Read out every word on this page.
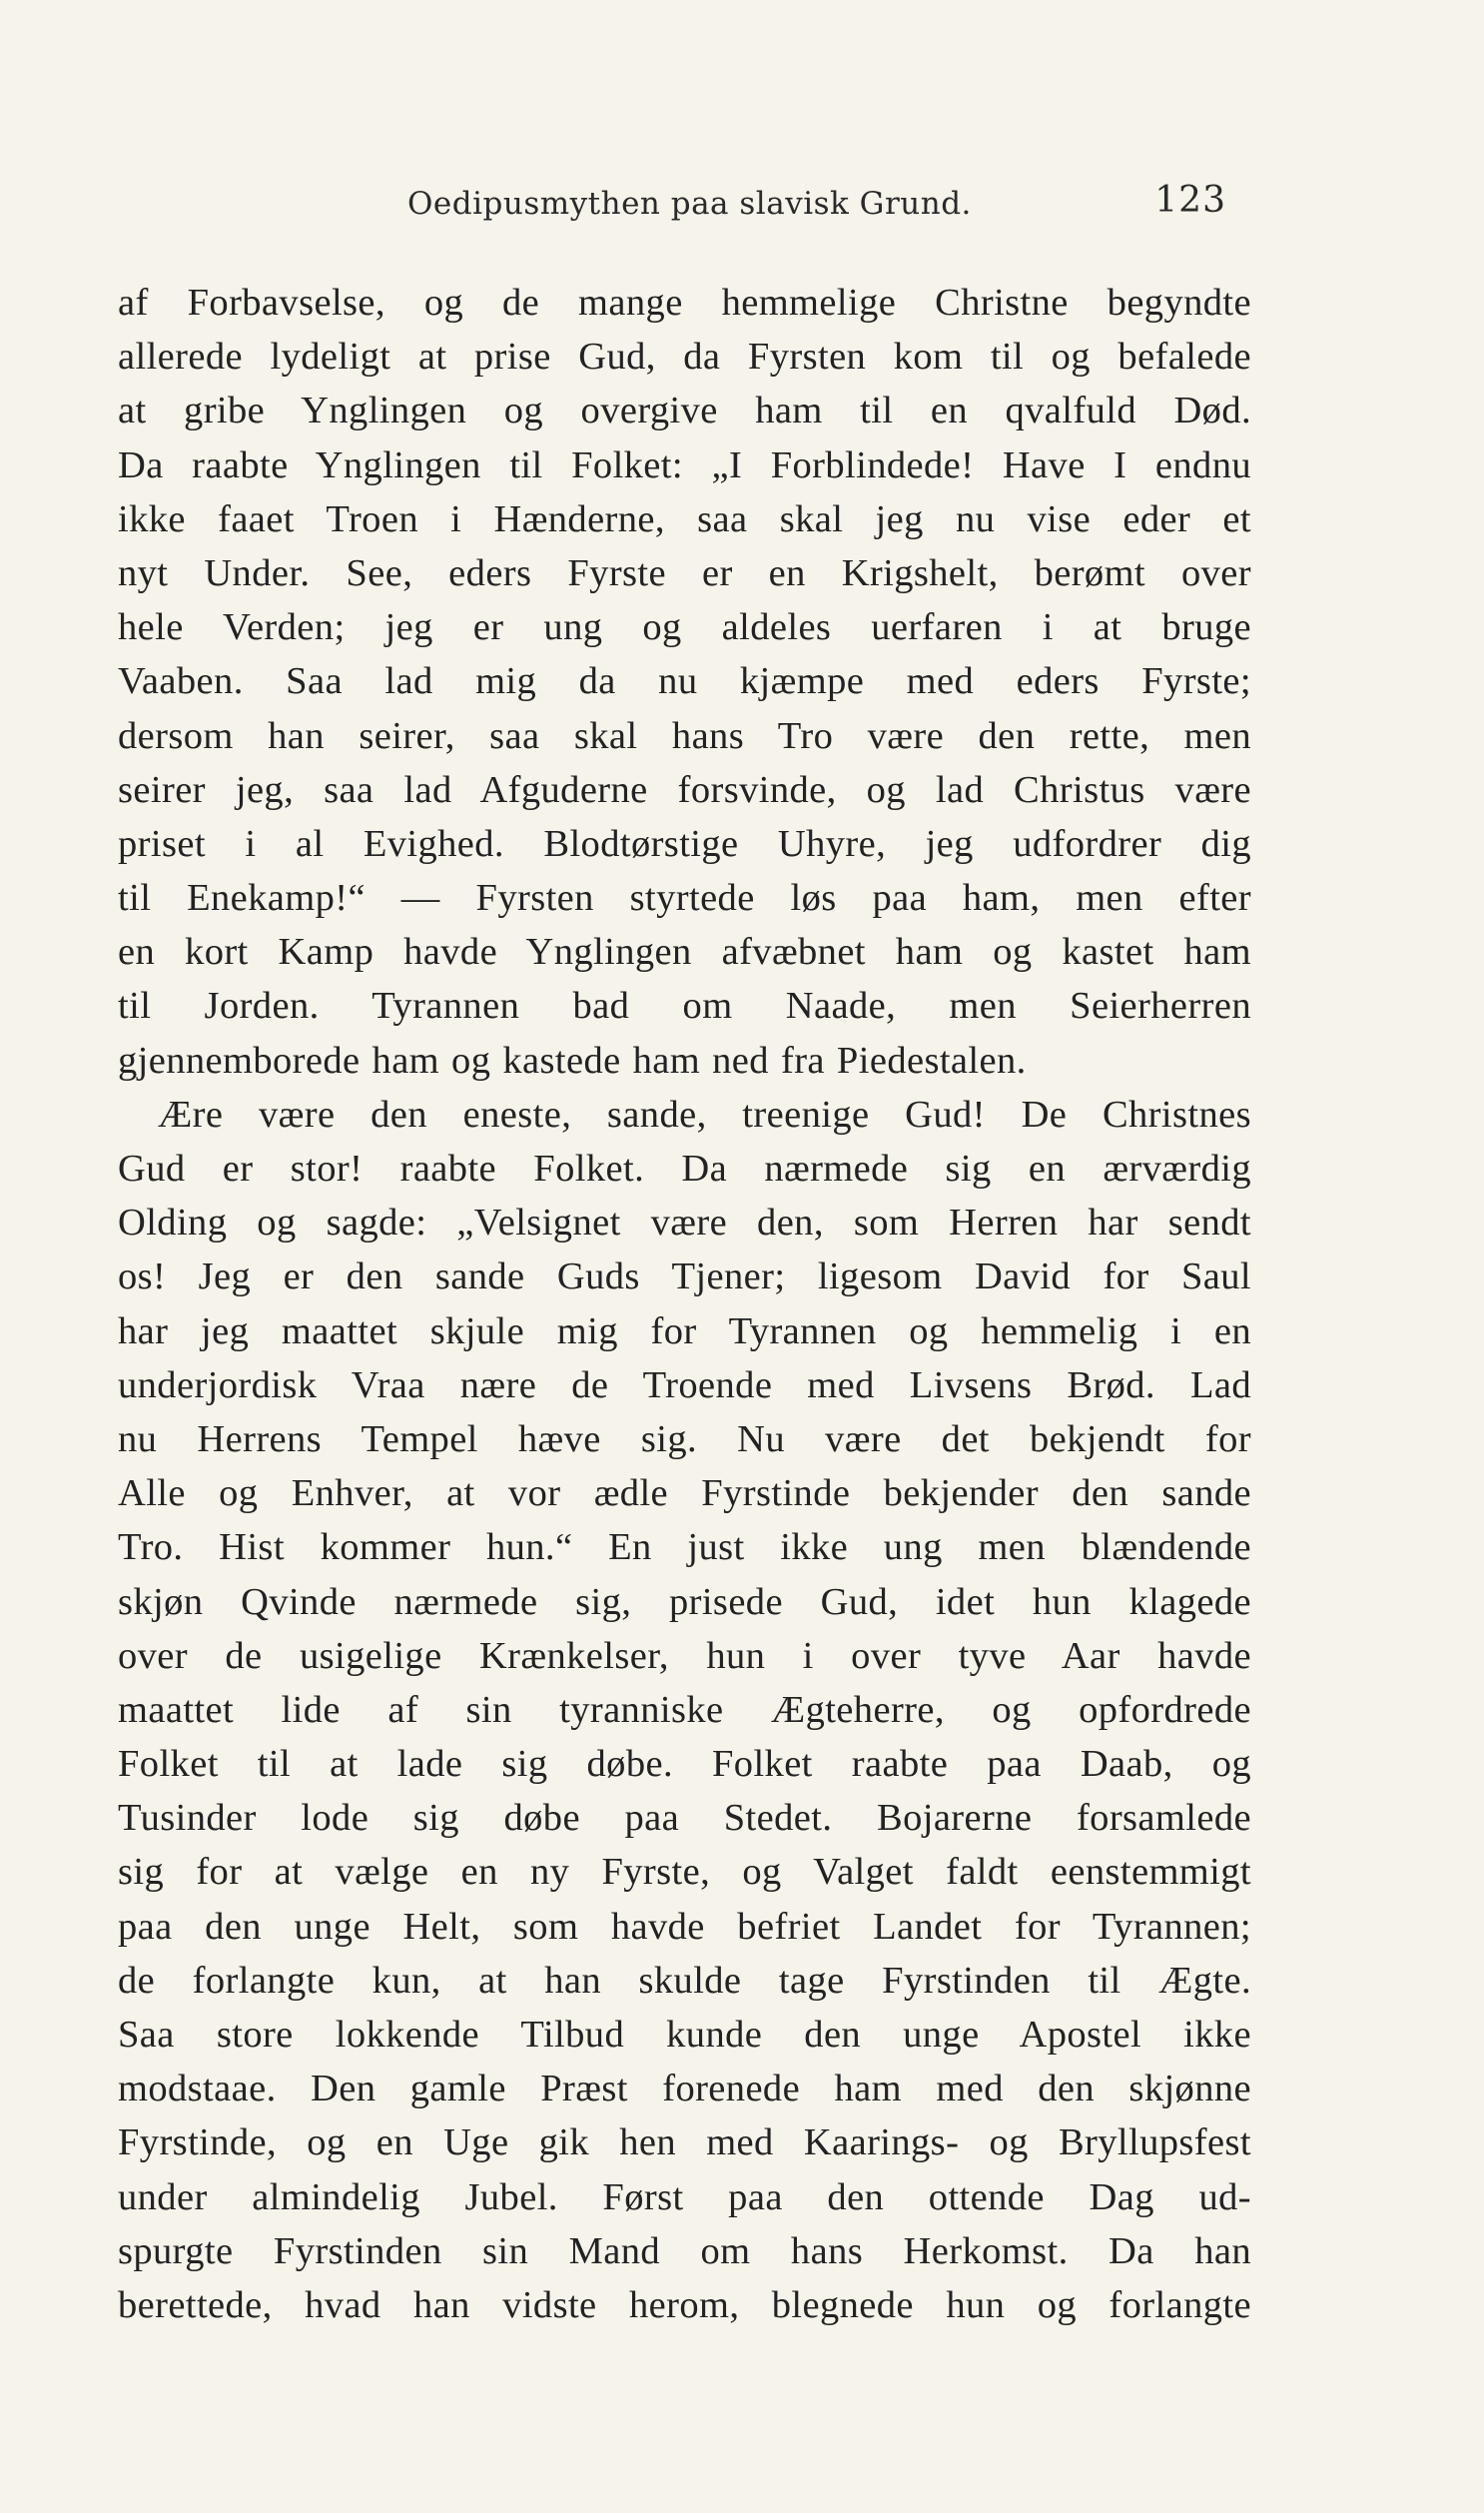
Oedipusmythen paa slavisk Grund.	123
af Forbavselse, og de mange hemmelige Christne begyndte
allerede lydeligt at prise Gud, da Fyrsten kom til og befalede
at gribe Ynglingen og overgive ham til en qvalfuld Død.
Da raabte Ynglingen til Folket: „I Forblindede! Have I endnu
ikke faaet Troen i Hænderne, saa skal jeg nu vise eder et
nyt Under. See, eders Fyrste er en Krigshelt, berømt over
hele Verden; jeg er ung og aldeles uerfaren i at bruge
Vaaben. Saa lad mig da nu kjæmpe med eders Fyrste;
dersom han seirer, saa skal hans Tro være den rette, men
seirer jeg, saa lad Afguderne forsvinde, og lad Christus være
priset i al Evighed. Blodtørstige Uhyre, jeg udfordrer dig
til Enekamp!“ — Fyrsten styrtede løs paa ham, men efter
en kort Kamp havde Ynglingen afvæbnet ham og kastet ham
til Jorden. Tyrannen bad om Naade, men Seierherren
gjennemborede ham og kastede ham ned fra Piedestalen.
Ære være den eneste, sande, treenige Gud! De Christnes
Gud er stor! raabte Folket. Da nærmede sig en ærværdig
Olding og sagde: „Velsignet være den, som Herren har sendt
os! Jeg er den sande Guds Tjener; ligesom David for Saul
har jeg maattet skjule mig for Tyrannen og hemmelig i en
underjordisk Vraa nære de Troende med Livsens Brød. Lad
nu Herrens Tempel hæve sig. Nu være det bekjendt for
Alle og Enhver, at vor ædle Fyrstinde bekjender den sande
Tro. Hist kommer hun.“ En just ikke ung men blændende
skjøn Qvinde nærmede sig, prisede Gud, idet hun klagede
over de usigelige Krænkelser, hun i over tyve Aar havde
maattet lide af sin tyranniske Ægteherre, og opfordrede
Folket til at lade sig døbe. Folket raabte paa Daab, og
Tusinder lode sig døbe paa Stedet. Bojarerne forsamlede
sig for at vælge en ny Fyrste, og Valget faldt eenstemmigt
paa den unge Helt, som havde befriet Landet for Tyrannen;
de forlangte kun, at han skulde tage Fyrstinden til Ægte.
Saa store lokkende Tilbud kunde den unge Apostel ikke
modstaae. Den gamle Præst forenede ham med den skjønne
Fyrstinde, og en Uge gik hen med Kaarings- og Bryllupsfest
under almindelig Jubel. Først paa den ottende Dag ud-
spurgte Fyrstinden sin Mand om hans Herkomst. Da han
berettede, hvad han vidste herom, blegnede hun og forlangte
